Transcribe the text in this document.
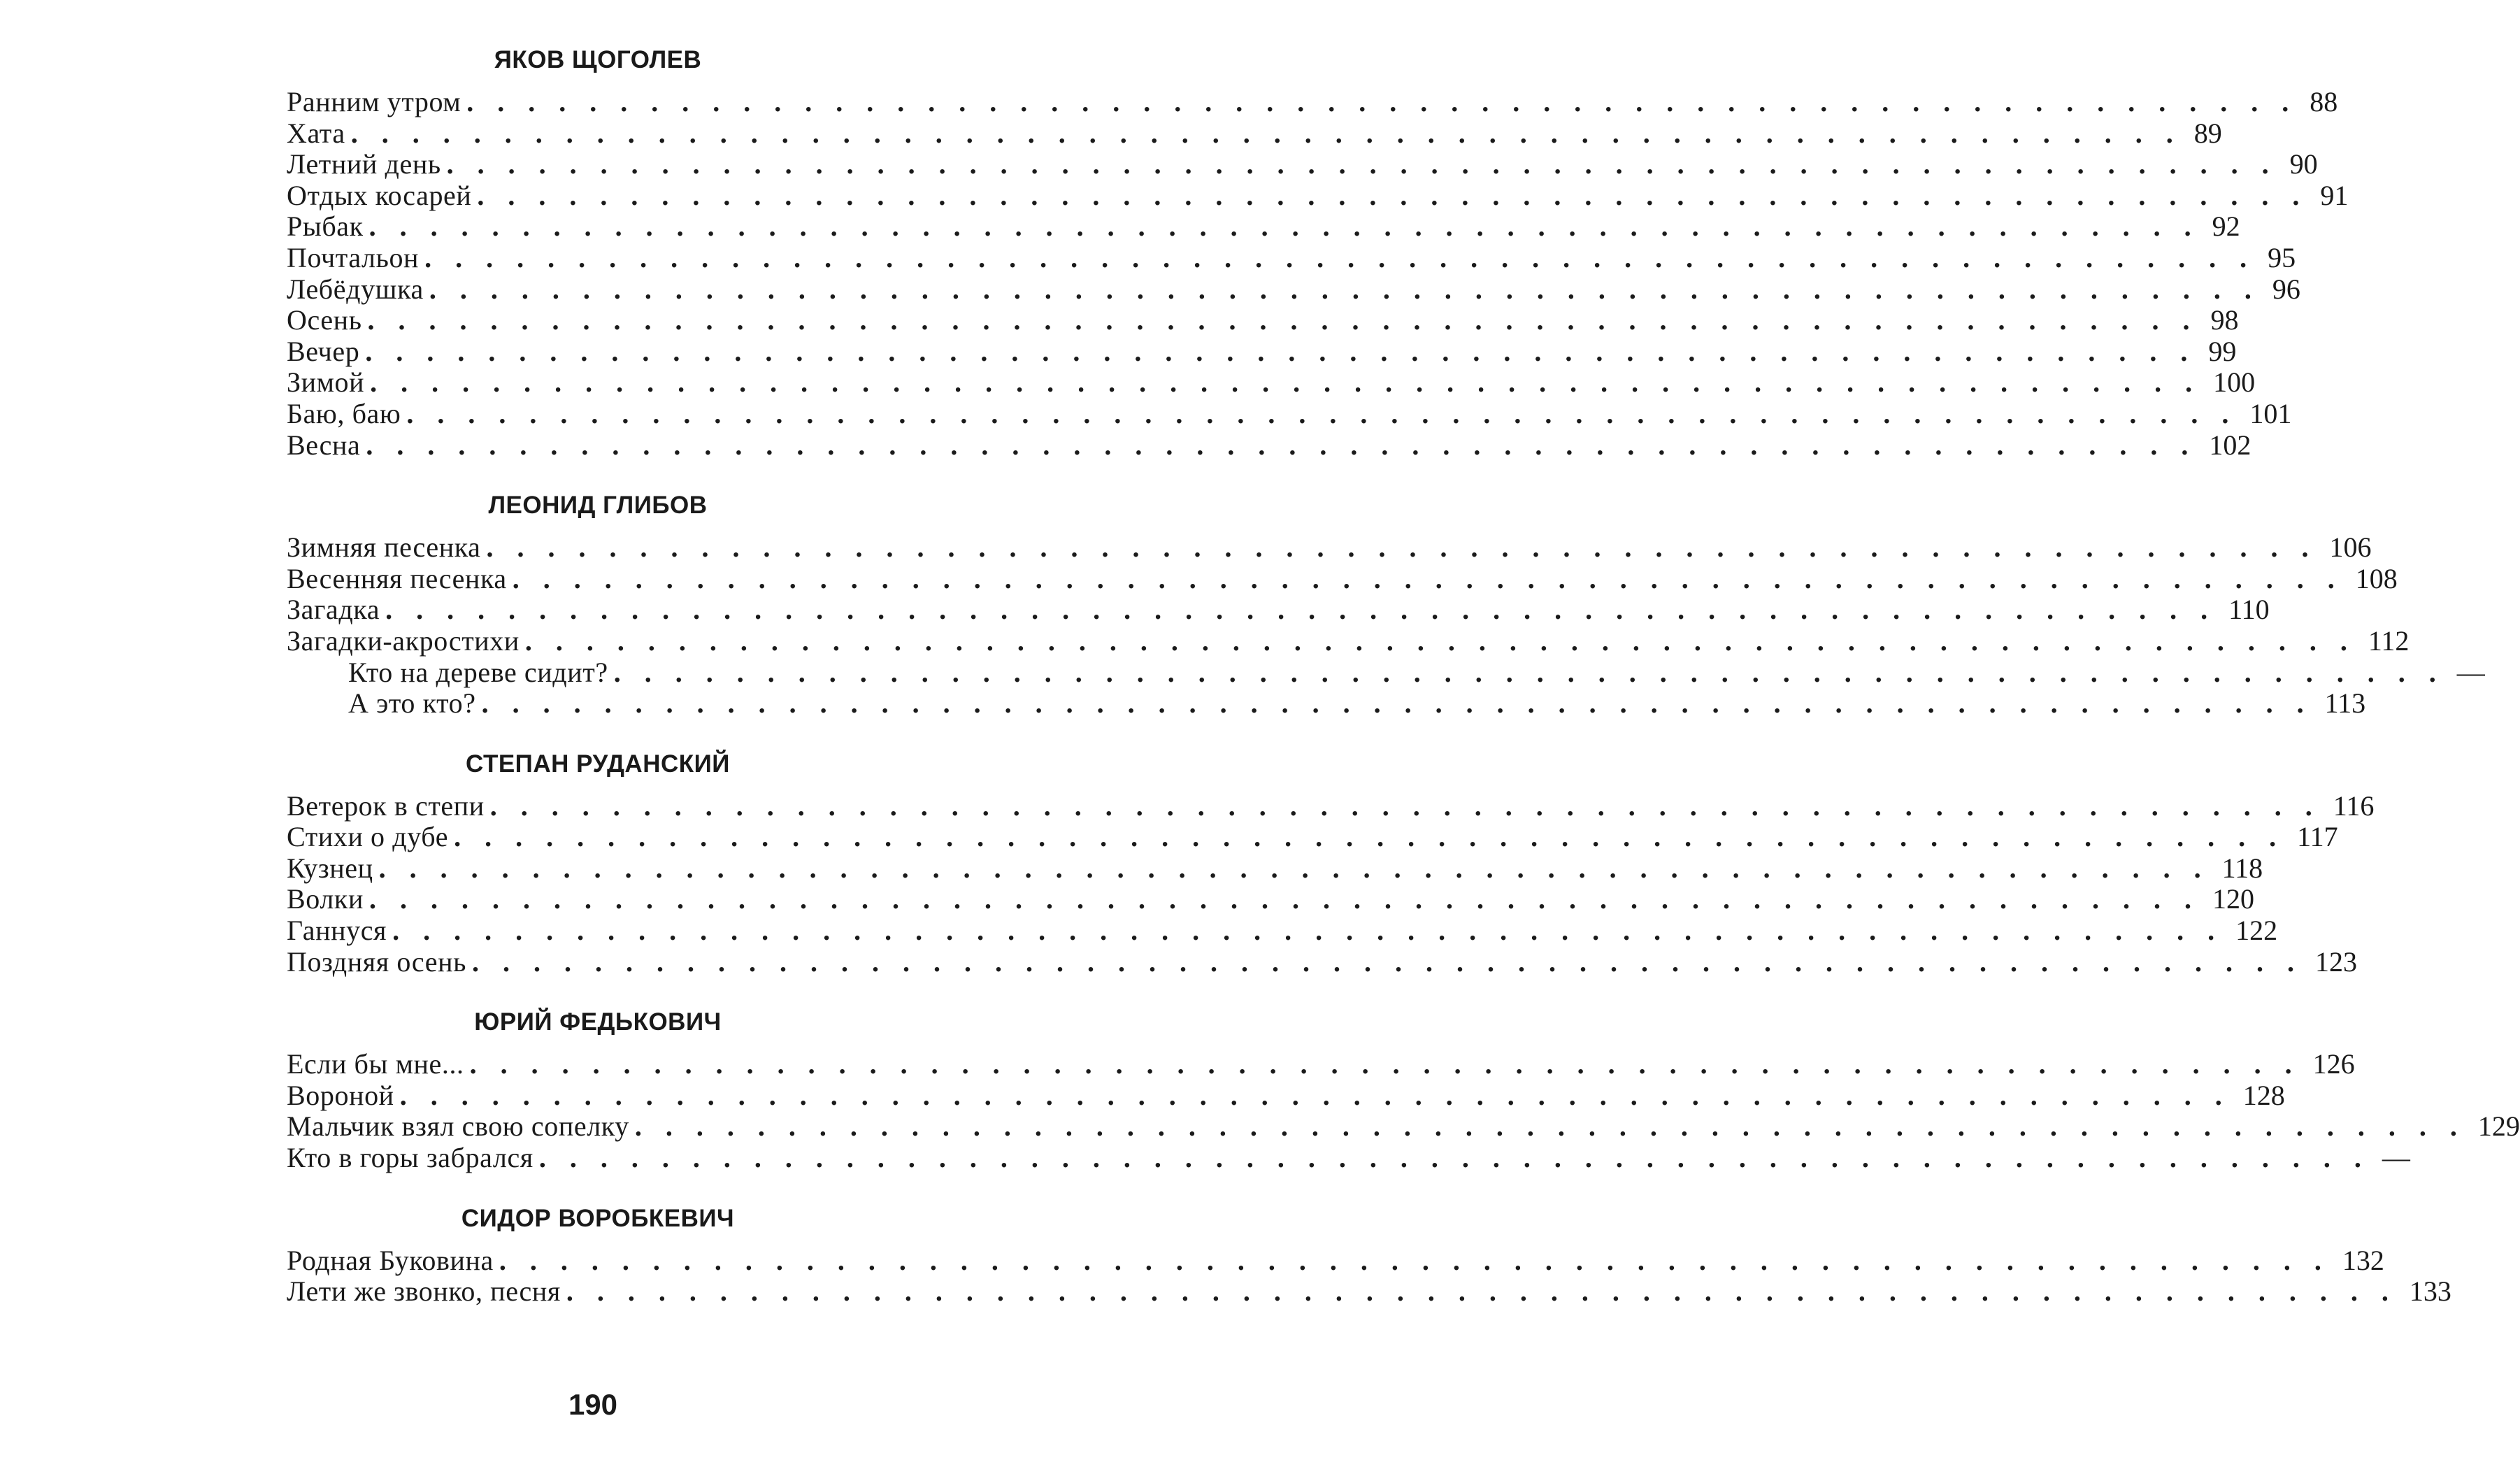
ЯКОВ ЩОГОЛЕВ
Ранним утром . . . . . . . . . . . . . . . . . . . . . . . . . . . . . . . . . . . . . . . . . . . . . . . . . . . . . . . . . . . . 88
Хата . . . . . . . . . . . . . . . . . . . . . . . . . . . . . . . . . . . . . . . . . . . . . . . . . . . . . . . . . . . . 89
Летний день . . . . . . . . . . . . . . . . . . . . . . . . . . . . . . . . . . . . . . . . . . . . . . . . . . . . . . . . . . . . 90
Отдых косарей . . . . . . . . . . . . . . . . . . . . . . . . . . . . . . . . . . . . . . . . . . . . . . . . . . . . . . . . . . . . 91
Рыбак . . . . . . . . . . . . . . . . . . . . . . . . . . . . . . . . . . . . . . . . . . . . . . . . . . . . . . . . . . . . 92
Почтальон . . . . . . . . . . . . . . . . . . . . . . . . . . . . . . . . . . . . . . . . . . . . . . . . . . . . . . . . . . . . 95
Лебёдушка . . . . . . . . . . . . . . . . . . . . . . . . . . . . . . . . . . . . . . . . . . . . . . . . . . . . . . . . . . . . 96
Осень . . . . . . . . . . . . . . . . . . . . . . . . . . . . . . . . . . . . . . . . . . . . . . . . . . . . . . . . . . . . 98
Вечер . . . . . . . . . . . . . . . . . . . . . . . . . . . . . . . . . . . . . . . . . . . . . . . . . . . . . . . . . . . . 99
Зимой . . . . . . . . . . . . . . . . . . . . . . . . . . . . . . . . . . . . . . . . . . . . . . . . . . . . . . . . . . . . 100
Баю, баю . . . . . . . . . . . . . . . . . . . . . . . . . . . . . . . . . . . . . . . . . . . . . . . . . . . . . . . . . . . . 101
Весна . . . . . . . . . . . . . . . . . . . . . . . . . . . . . . . . . . . . . . . . . . . . . . . . . . . . . . . . . . . . 102
ЛЕОНИД ГЛИБОВ
Зимняя песенка . . . . . . . . . . . . . . . . . . . . . . . . . . . . . . . . . . . . . . . . . . . . . . . . . . . . . . . . . . . . 106
Весенняя песенка . . . . . . . . . . . . . . . . . . . . . . . . . . . . . . . . . . . . . . . . . . . . . . . . . . . . . . . . . . . . 108
Загадка . . . . . . . . . . . . . . . . . . . . . . . . . . . . . . . . . . . . . . . . . . . . . . . . . . . . . . . . . . . . 110
Загадки-акростихи . . . . . . . . . . . . . . . . . . . . . . . . . . . . . . . . . . . . . . . . . . . . . . . . . . . . . . . . . . . . 112
Кто на дереве сидит? . . . . . . . . . . . . . . . . . . . . . . . . . . . . . . . . . . . . . . . . . . . . . . . . . . . . . . . . . . . . —
А это кто? . . . . . . . . . . . . . . . . . . . . . . . . . . . . . . . . . . . . . . . . . . . . . . . . . . . . . . . . . . . . 113
СТЕПАН РУДАНСКИЙ
Ветерок в степи . . . . . . . . . . . . . . . . . . . . . . . . . . . . . . . . . . . . . . . . . . . . . . . . . . . . . . . . . . . . 116
Стихи о дубе . . . . . . . . . . . . . . . . . . . . . . . . . . . . . . . . . . . . . . . . . . . . . . . . . . . . . . . . . . . . 117
Кузнец . . . . . . . . . . . . . . . . . . . . . . . . . . . . . . . . . . . . . . . . . . . . . . . . . . . . . . . . . . . . 118
Волки . . . . . . . . . . . . . . . . . . . . . . . . . . . . . . . . . . . . . . . . . . . . . . . . . . . . . . . . . . . . 120
Ганнуся . . . . . . . . . . . . . . . . . . . . . . . . . . . . . . . . . . . . . . . . . . . . . . . . . . . . . . . . . . . . 122
Поздняя осень . . . . . . . . . . . . . . . . . . . . . . . . . . . . . . . . . . . . . . . . . . . . . . . . . . . . . . . . . . . . 123
ЮРИЙ ФЕДЬКОВИЧ
Если бы мне... . . . . . . . . . . . . . . . . . . . . . . . . . . . . . . . . . . . . . . . . . . . . . . . . . . . . . . . . . . . . 126
Вороной . . . . . . . . . . . . . . . . . . . . . . . . . . . . . . . . . . . . . . . . . . . . . . . . . . . . . . . . . . . . 128
Мальчик взял свою сопелку . . . . . . . . . . . . . . . . . . . . . . . . . . . . . . . . . . . . . . . . . . . . . . . . . . . . . . . . . . . . 129
Кто в горы забрался . . . . . . . . . . . . . . . . . . . . . . . . . . . . . . . . . . . . . . . . . . . . . . . . . . . . . . . . . . . . —
СИДОР ВОРОБКЕВИЧ
Родная Буковина . . . . . . . . . . . . . . . . . . . . . . . . . . . . . . . . . . . . . . . . . . . . . . . . . . . . . . . . . . . . 132
Лети же звонко, песня . . . . . . . . . . . . . . . . . . . . . . . . . . . . . . . . . . . . . . . . . . . . . . . . . . . . . . . . . . . . 133
190
